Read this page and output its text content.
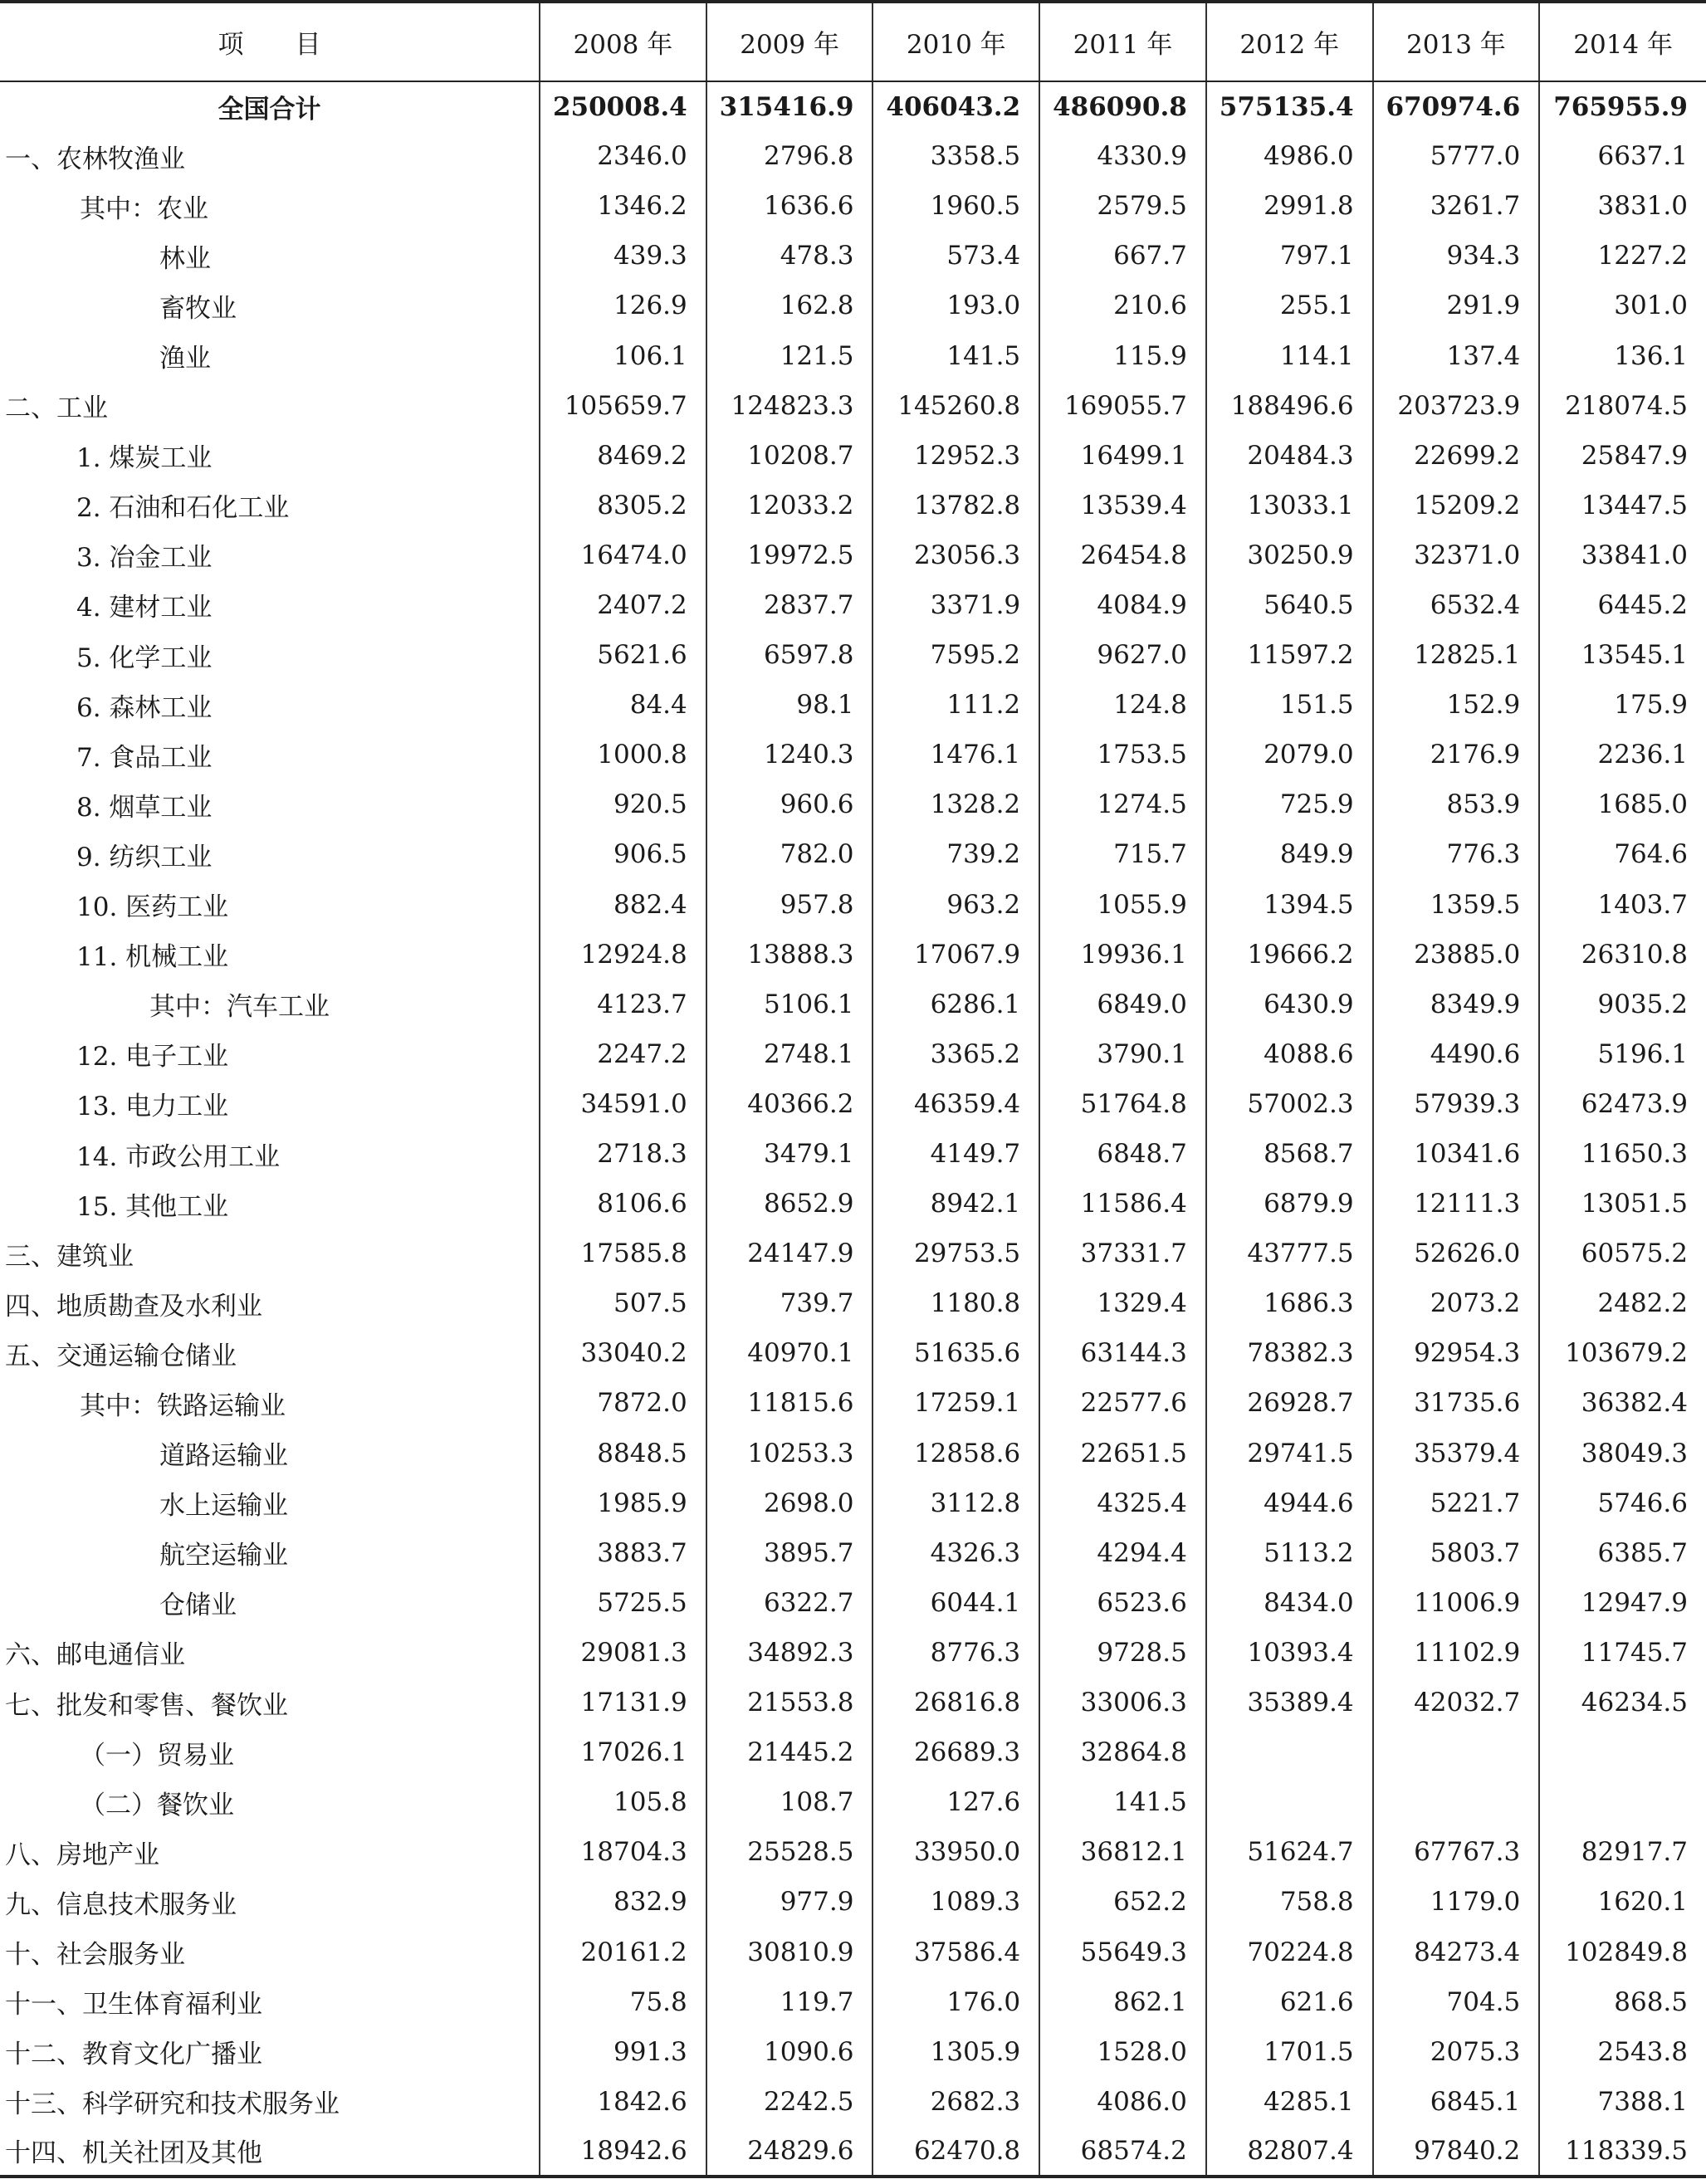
项　　目	2008 年	2009 年	2010 年	2011 年	2012 年	2013 年	2014 年
全国合计	250008.4	315416.9	406043.2	486090.8	575135.4	670974.6	765955.9
一、农林牧渔业	2346.0	2796.8	3358.5	4330.9	4986.0	5777.0	6637.1
其中：农业	1346.2	1636.6	1960.5	2579.5	2991.8	3261.7	3831.0
林业	439.3	478.3	573.4	667.7	797.1	934.3	1227.2
畜牧业	126.9	162.8	193.0	210.6	255.1	291.9	301.0
渔业	106.1	121.5	141.5	115.9	114.1	137.4	136.1
二、工业	105659.7	124823.3	145260.8	169055.7	188496.6	203723.9	218074.5
1. 煤炭工业	8469.2	10208.7	12952.3	16499.1	20484.3	22699.2	25847.9
2. 石油和石化工业	8305.2	12033.2	13782.8	13539.4	13033.1	15209.2	13447.5
3. 冶金工业	16474.0	19972.5	23056.3	26454.8	30250.9	32371.0	33841.0
4. 建材工业	2407.2	2837.7	3371.9	4084.9	5640.5	6532.4	6445.2
5. 化学工业	5621.6	6597.8	7595.2	9627.0	11597.2	12825.1	13545.1
6. 森林工业	84.4	98.1	111.2	124.8	151.5	152.9	175.9
7. 食品工业	1000.8	1240.3	1476.1	1753.5	2079.0	2176.9	2236.1
8. 烟草工业	920.5	960.6	1328.2	1274.5	725.9	853.9	1685.0
9. 纺织工业	906.5	782.0	739.2	715.7	849.9	776.3	764.6
10. 医药工业	882.4	957.8	963.2	1055.9	1394.5	1359.5	1403.7
11. 机械工业	12924.8	13888.3	17067.9	19936.1	19666.2	23885.0	26310.8
其中：汽车工业	4123.7	5106.1	6286.1	6849.0	6430.9	8349.9	9035.2
12. 电子工业	2247.2	2748.1	3365.2	3790.1	4088.6	4490.6	5196.1
13. 电力工业	34591.0	40366.2	46359.4	51764.8	57002.3	57939.3	62473.9
14. 市政公用工业	2718.3	3479.1	4149.7	6848.7	8568.7	10341.6	11650.3
15. 其他工业	8106.6	8652.9	8942.1	11586.4	6879.9	12111.3	13051.5
三、建筑业	17585.8	24147.9	29753.5	37331.7	43777.5	52626.0	60575.2
四、地质勘查及水利业	507.5	739.7	1180.8	1329.4	1686.3	2073.2	2482.2
五、交通运输仓储业	33040.2	40970.1	51635.6	63144.3	78382.3	92954.3	103679.2
其中：铁路运输业	7872.0	11815.6	17259.1	22577.6	26928.7	31735.6	36382.4
道路运输业	8848.5	10253.3	12858.6	22651.5	29741.5	35379.4	38049.3
水上运输业	1985.9	2698.0	3112.8	4325.4	4944.6	5221.7	5746.6
航空运输业	3883.7	3895.7	4326.3	4294.4	5113.2	5803.7	6385.7
仓储业	5725.5	6322.7	6044.1	6523.6	8434.0	11006.9	12947.9
六、邮电通信业	29081.3	34892.3	8776.3	9728.5	10393.4	11102.9	11745.7
七、批发和零售、餐饮业	17131.9	21553.8	26816.8	33006.3	35389.4	42032.7	46234.5
（一）贸易业	17026.1	21445.2	26689.3	32864.8			
（二）餐饮业	105.8	108.7	127.6	141.5			
八、房地产业	18704.3	25528.5	33950.0	36812.1	51624.7	67767.3	82917.7
九、信息技术服务业	832.9	977.9	1089.3	652.2	758.8	1179.0	1620.1
十、社会服务业	20161.2	30810.9	37586.4	55649.3	70224.8	84273.4	102849.8
十一、卫生体育福利业	75.8	119.7	176.0	862.1	621.6	704.5	868.5
十二、教育文化广播业	991.3	1090.6	1305.9	1528.0	1701.5	2075.3	2543.8
十三、科学研究和技术服务业	1842.6	2242.5	2682.3	4086.0	4285.1	6845.1	7388.1
十四、机关社团及其他	18942.6	24829.6	62470.8	68574.2	82807.4	97840.2	118339.5
